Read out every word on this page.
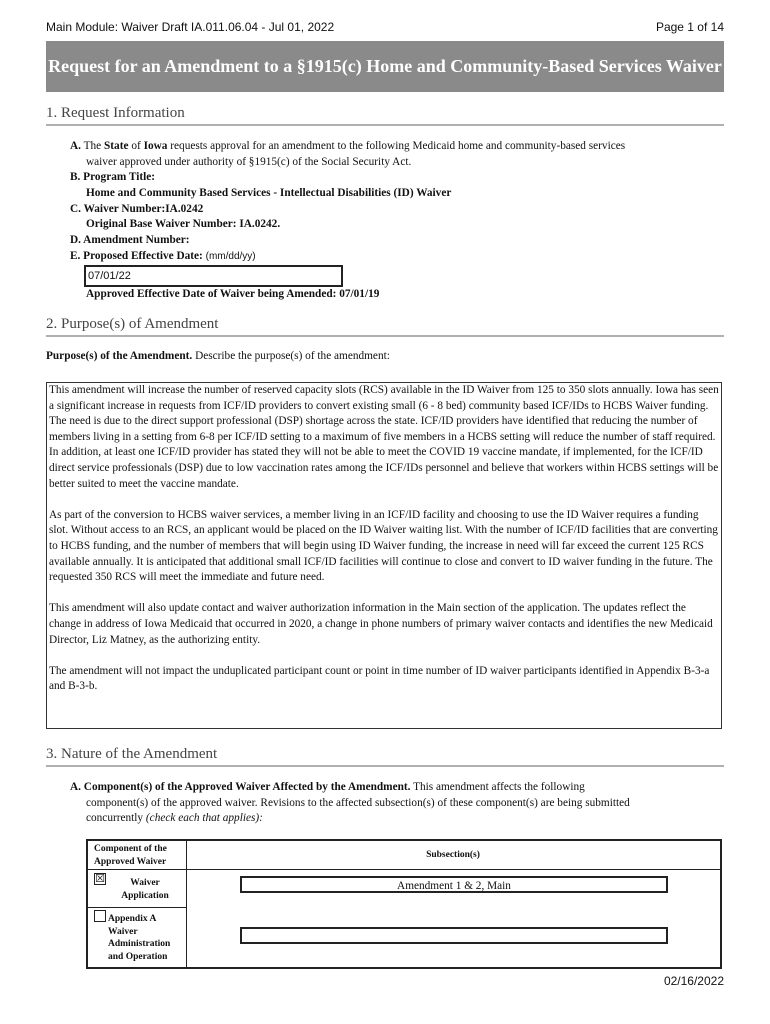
Main Module: Waiver Draft IA.011.06.04 - Jul 01, 2022	Page 1 of 14
Request for an Amendment to a §1915(c) Home and Community-Based Services Waiver
1. Request Information
A. The State of Iowa requests approval for an amendment to the following Medicaid home and community-based services
waiver approved under authority of §1915(c) of the Social Security Act.
B. Program Title:
Home and Community Based Services - Intellectual Disabilities (ID) Waiver
C. Waiver Number:IA.0242
Original Base Waiver Number: IA.0242.
D. Amendment Number:
E. Proposed Effective Date: (mm/dd/yy)
07/01/22
Approved Effective Date of Waiver being Amended: 07/01/19
2. Purpose(s) of Amendment
Purpose(s) of the Amendment. Describe the purpose(s) of the amendment:

This amendment will increase the number of reserved capacity slots (RCS) available in the ID Waiver from 125 to 350 slots annually. Iowa has seen a significant increase in requests from ICF/ID providers to convert existing small (6 - 8 bed) community based ICF/IDs to HCBS Waiver funding. The need is due to the direct support professional (DSP) shortage across the state. ICF/ID providers have identified that reducing the number of members living in a setting from 6-8 per ICF/ID setting to a maximum of five members in a HCBS setting will reduce the number of staff required. In addition, at least one ICF/ID provider has stated they will not be able to meet the COVID 19 vaccine mandate, if implemented, for the ICF/ID direct service professionals (DSP) due to low vaccination rates among the ICF/IDs personnel and believe that workers within HCBS settings will be better suited to meet the vaccine mandate.

As part of the conversion to HCBS waiver services, a member living in an ICF/ID facility and choosing to use the ID Waiver requires a funding slot. Without access to an RCS, an applicant would be placed on the ID Waiver waiting list. With the number of ICF/ID facilities that are converting to HCBS funding, and the number of members that will begin using ID Waiver funding, the increase in need will far exceed the current 125 RCS available annually. It is anticipated that additional small ICF/ID facilities will continue to close and convert to ID waiver funding in the future. The requested 350 RCS will meet the immediate and future need.

This amendment will also update contact and waiver authorization information in the Main section of the application. The updates reflect the change in address of Iowa Medicaid that occurred in 2020, a change in phone numbers of primary waiver contacts and identifies the new Medicaid Director, Liz Matney, as the authorizing entity.

The amendment will not impact the unduplicated participant count or point in time number of ID waiver participants identified in Appendix B-3-a and B-3-b.

3. Nature of the Amendment
A. Component(s) of the Approved Waiver Affected by the Amendment. This amendment affects the following
component(s) of the approved waiver. Revisions to the affected subsection(s) of these component(s) are being submitted
concurrently (check each that applies):
Component of the Approved Waiver
Subsection(s)
☒	Waiver Application
Amendment 1 & 2, Main
Appendix A Waiver Administration and Operation
02/16/2022
